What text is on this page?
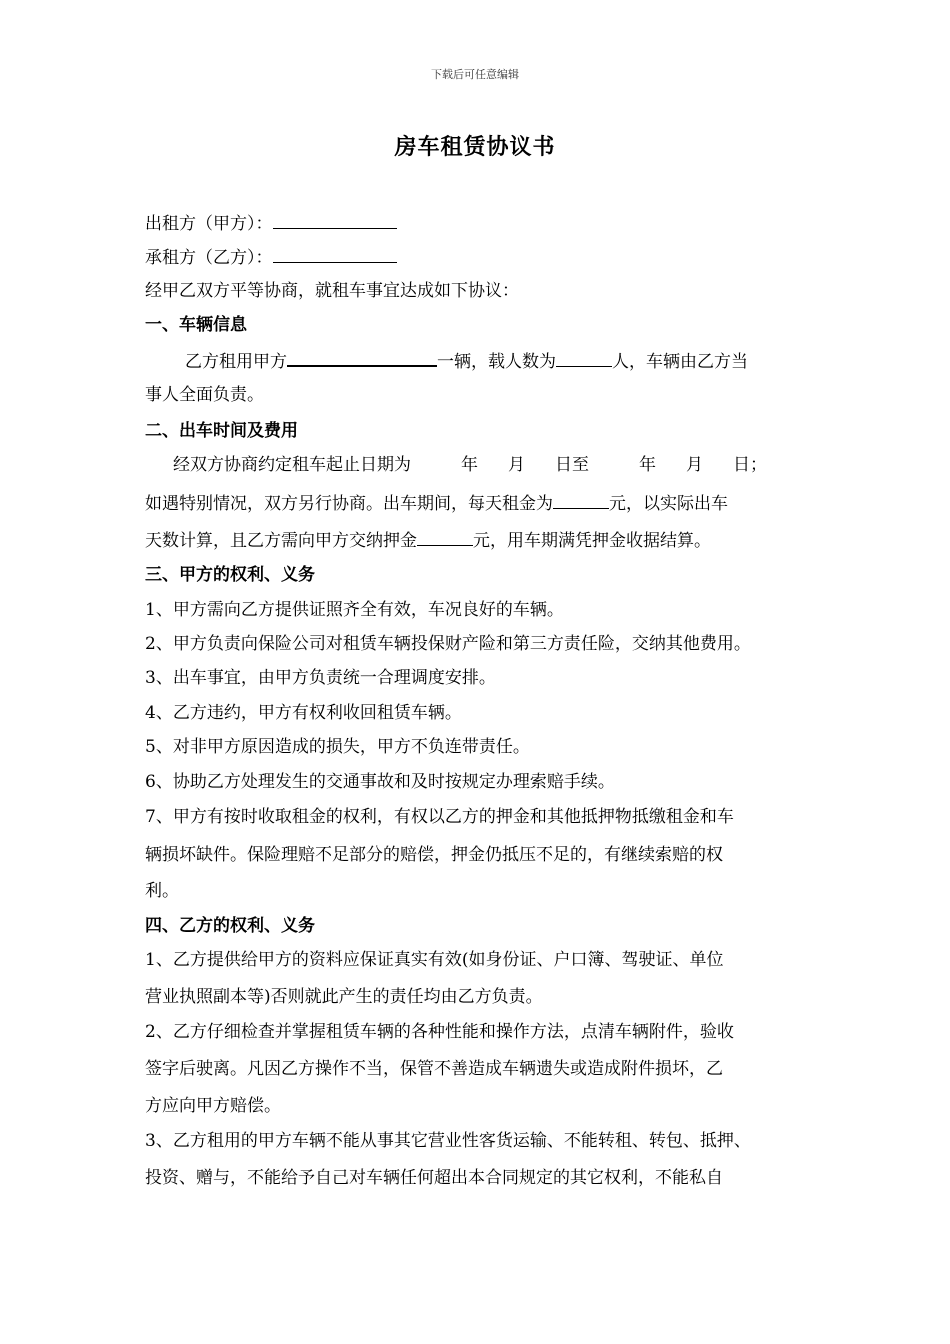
下载后可任意编辑
房车租赁协议书
出租方（甲方）：
承租方（乙方）：
经甲乙双方平等协商，就租车事宜达成如下协议：
一、车辆信息
乙方租用甲方	一辆，载人数为	人，车辆由乙方当
事人全面负责。
二、出车时间及费用
经双方协商约定租车起止日期为	年 月 日至	年 月 日；
如遇特别情况，双方另行协商。出车期间，每天租金为	元，以实际出车
天数计算，且乙方需向甲方交纳押金	元，用车期满凭押金收据结算。
三、甲方的权利、义务
1、甲方需向乙方提供证照齐全有效，车况良好的车辆。
2、甲方负责向保险公司对租赁车辆投保财产险和第三方责任险，交纳其他费用。
3、出车事宜，由甲方负责统一合理调度安排。
4、乙方违约，甲方有权利收回租赁车辆。
5、对非甲方原因造成的损失，甲方不负连带责任。
6、协助乙方处理发生的交通事故和及时按规定办理索赔手续。
7、甲方有按时收取租金的权利，有权以乙方的押金和其他抵押物抵缴租金和车
辆损坏缺件。保险理赔不足部分的赔偿，押金仍抵压不足的，有继续索赔的权
利。
四、乙方的权利、义务
1、乙方提供给甲方的资料应保证真实有效(如身份证、户口簿、驾驶证、单位
营业执照副本等)否则就此产生的责任均由乙方负责。
2、乙方仔细检查并掌握租赁车辆的各种性能和操作方法，点清车辆附件，验收
签字后驶离。凡因乙方操作不当，保管不善造成车辆遗失或造成附件损坏，乙
方应向甲方赔偿。
3、乙方租用的甲方车辆不能从事其它营业性客货运输、不能转租、转包、抵押、
投资、赠与，不能给予自己对车辆任何超出本合同规定的其它权利，不能私自
